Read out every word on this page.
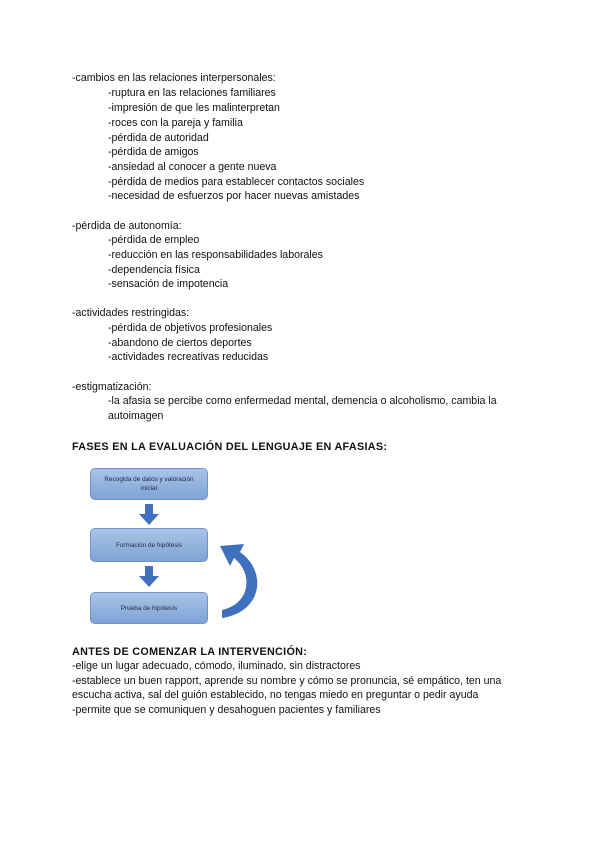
-cambios en las relaciones interpersonales:
-ruptura en las relaciones familiares
-impresión de que les malinterpretan
-roces con la pareja y familia
-pérdida de autoridad
-pérdida de amigos
-ansiedad al conocer a gente nueva
-pérdida de medios para establecer contactos sociales
-necesidad de esfuerzos por hacer nuevas amistades
-pérdida de autonomía:
-pérdida de empleo
-reducción en las responsabilidades laborales
-dependencia física
-sensación de impotencia
-actividades restringidas:
-pérdida de objetivos profesionales
-abandono de ciertos deportes
-actividades recreativas reducidas
-estigmatización:
-la afasia se percibe como enfermedad mental, demencia o alcoholismo, cambia la autoimagen
FASES EN LA EVALUACIÓN DEL LENGUAJE EN AFASIAS:
Recogida de datos y valoración inicial
Formación de hipótesis
Prueba de hipótesis
ANTES DE COMENZAR LA INTERVENCIÓN:
-elige un lugar adecuado, cómodo, iluminado, sin distractores
-establece un buen rapport, aprende su nombre y cómo se pronuncia, sé empático, ten una
escucha activa, sal del guión establecido, no tengas miedo en preguntar o pedir ayuda
-permite que se comuniquen y desahoguen pacientes y familiares
